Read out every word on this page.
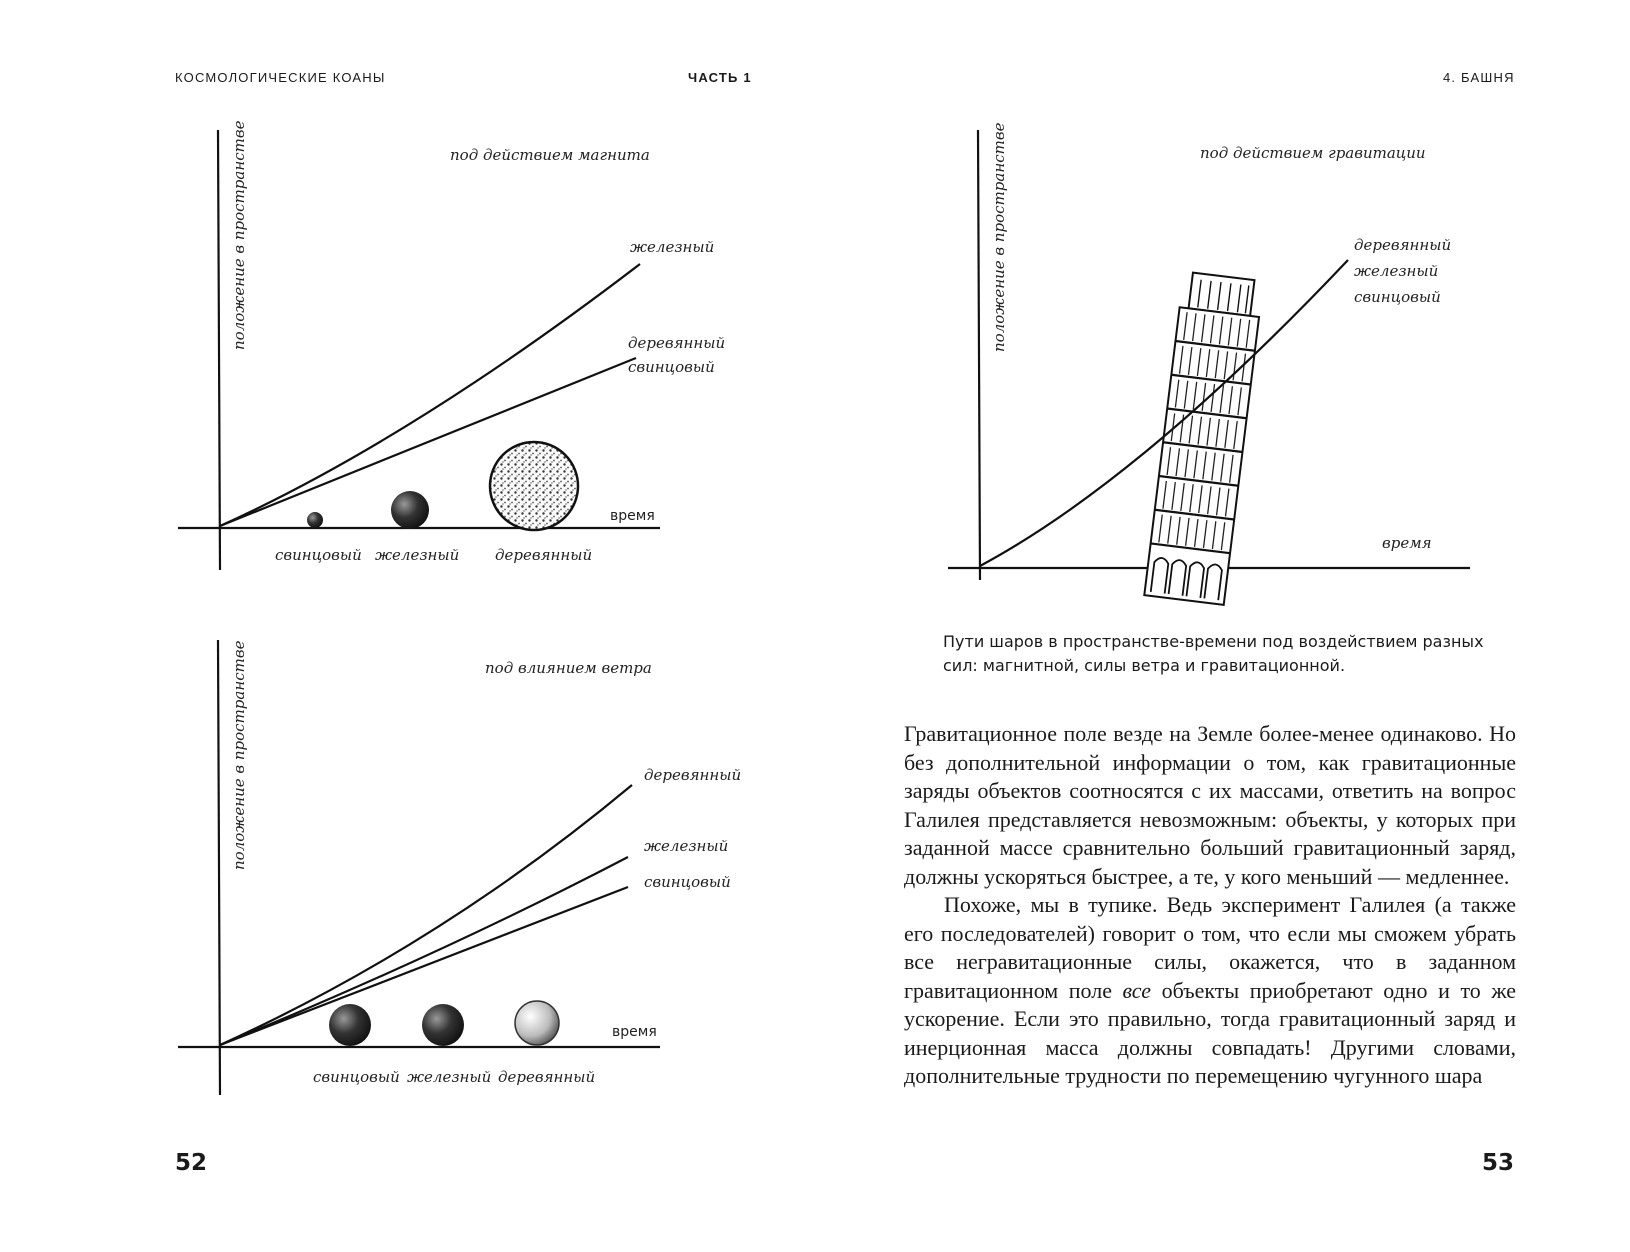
КОСМОЛОГИЧЕСКИЕ КОАНЫ	ЧАСТЬ 1	4. БАШНЯ
под действием магнита
положение в пространстве
время
железный
деревянный
свинцовый
свинцовый железный деревянный
под влиянием ветра
положение в пространстве
время
деревянный
железный
свинцовый
свинцовый железный деревянный
под действием гравитации
положение в пространстве
время
деревянный
железный
свинцовый
Пути шаров в пространстве-времени под воздействием разных сил: магнитной, силы ветра и гравитационной.

Гравитационное поле везде на Земле более-менее одинаково. Но без дополнительной информации о том, как гравитационные заряды объектов соотносятся с их массами, ответить на вопрос Галилея представляется невозможным: объекты, у которых при заданной массе сравнительно больший гравитационный заряд, должны ускоряться быстрее, а те, у кого меньший — медленнее.

Похоже, мы в тупике. Ведь эксперимент Галилея (а также его последователей) говорит о том, что если мы сможем убрать все негравитационные силы, окажется, что в заданном гравитационном поле все объекты приобретают одно и то же ускорение. Если это правильно, тогда гравитационный заряд и инерционная масса должны совпадать! Другими словами, дополнительные трудности по перемещению чугунного шара

52	53
